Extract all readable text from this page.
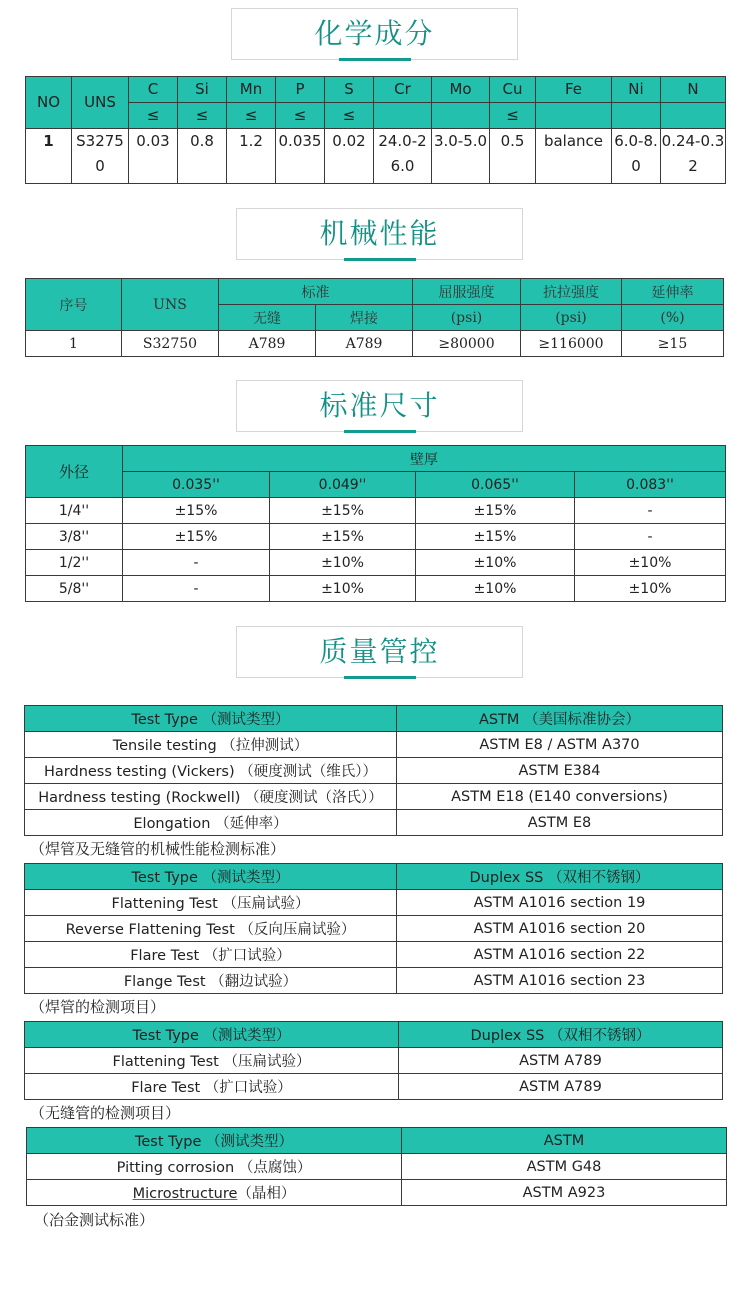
化学成分
机械性能
标准尺寸
质量管控
NO	UNS	C	Si	Mn	P	S	Cr	Mo	Cu	Fe	Ni	N
		≤	≤	≤	≤	≤			≤			
1	S32750	0.03	0.8	1.2	0.035	0.02	24.0-26.0	3.0-5.0	0.5	balance	6.0-8.0	0.24-0.32
序号	UNS	标准		屈服强度	抗拉强度	延伸率
		无缝	焊接	(psi)	(psi)	(%)
1	S32750	A789	A789	≥80000	≥116000	≥15
外径	壁厚			
	0.035''	0.049''	0.065''	0.083''
1/4''	±15%	±15%	±15%	-
3/8''	±15%	±15%	±15%	-
1/2''	-	±10%	±10%	±10%
5/8''	-	±10%	±10%	±10%
Test Type （测试类型）	ASTM （美国标准协会）
Tensile testing （拉伸测试）	ASTM E8 / ASTM A370
Hardness testing (Vickers) （硬度测试（维氏））	ASTM E384
Hardness testing (Rockwell) （硬度测试（洛氏））	ASTM E18 (E140 conversions)
Elongation （延伸率）	ASTM E8
（焊管及无缝管的机械性能检测标准）
Test Type （测试类型）	Duplex SS （双相不锈钢）
Flattening Test （压扁试验）	ASTM A1016 section 19
Reverse Flattening Test （反向压扁试验）	ASTM A1016 section 20
Flare Test （扩口试验）	ASTM A1016 section 22
Flange Test （翻边试验）	ASTM A1016 section 23
（焊管的检测项目）
Test Type （测试类型）	Duplex SS （双相不锈钢）
Flattening Test （压扁试验）	ASTM A789
Flare Test （扩口试验）	ASTM A789
（无缝管的检测项目）
Test Type （测试类型）	ASTM
Pitting corrosion （点腐蚀）	ASTM G48
Microstructure（晶相）	ASTM A923
（冶金测试标准）
